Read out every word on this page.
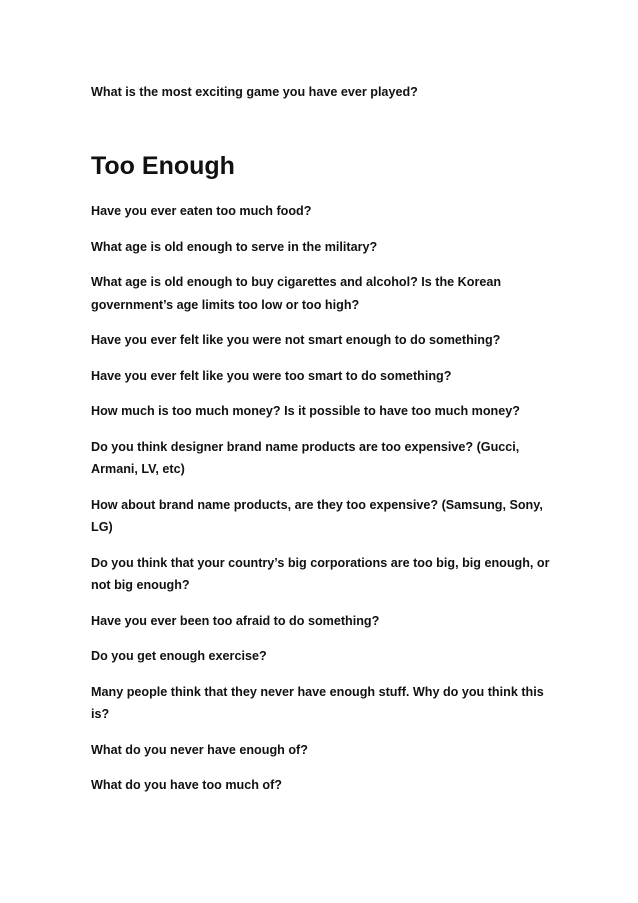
What is the most exciting game you have ever played?
Too Enough
Have you ever eaten too much food?
What age is old enough to serve in the military?
What age is old enough to buy cigarettes and alcohol? Is the Korean government’s age limits too low or too high?
Have you ever felt like you were not smart enough to do something?
Have you ever felt like you were too smart to do something?
How much is too much money? Is it possible to have too much money?
Do you think designer brand name products are too expensive? (Gucci, Armani, LV, etc)
How about brand name products, are they too expensive? (Samsung, Sony, LG)
Do you think that your country’s big corporations are too big, big enough, or not big enough?
Have you ever been too afraid to do something?
Do you get enough exercise?
Many people think that they never have enough stuff. Why do you think this is?
What do you never have enough of?
What do you have too much of?
